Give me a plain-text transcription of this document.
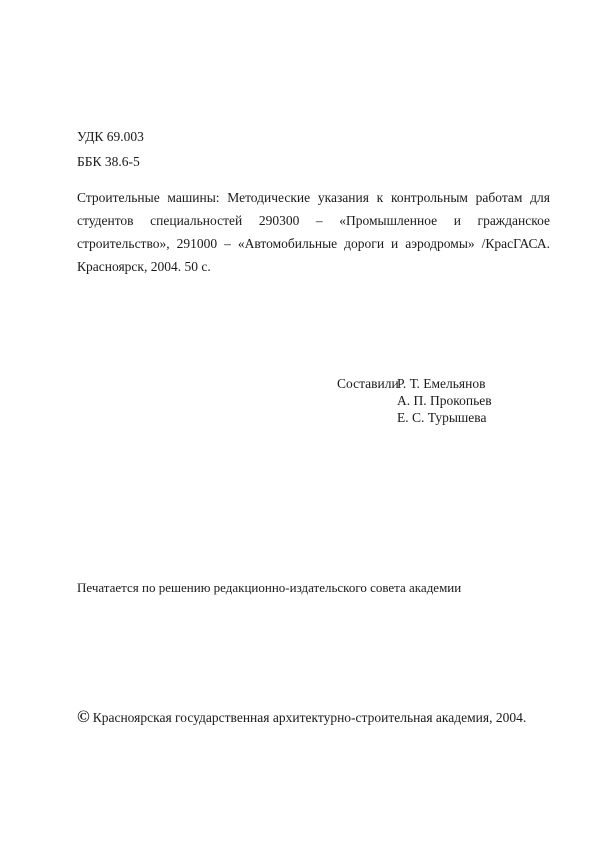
УДК 69.003
ББК 38.6-5
Строительные машины: Методические указания к контрольным работам для
студентов специальностей 290300 – «Промышленное и гражданское
строительство», 291000 – «Автомобильные дороги и аэродромы» /КрасГАСА.
Красноярск, 2004. 50 с.
Составили
Р. Т. Емельянов
А. П. Прокопьев
Е. С. Турышева
Печатается по решению редакционно-издательского совета академии
© Красноярская государственная архитектурно-строительная академия, 2004.
